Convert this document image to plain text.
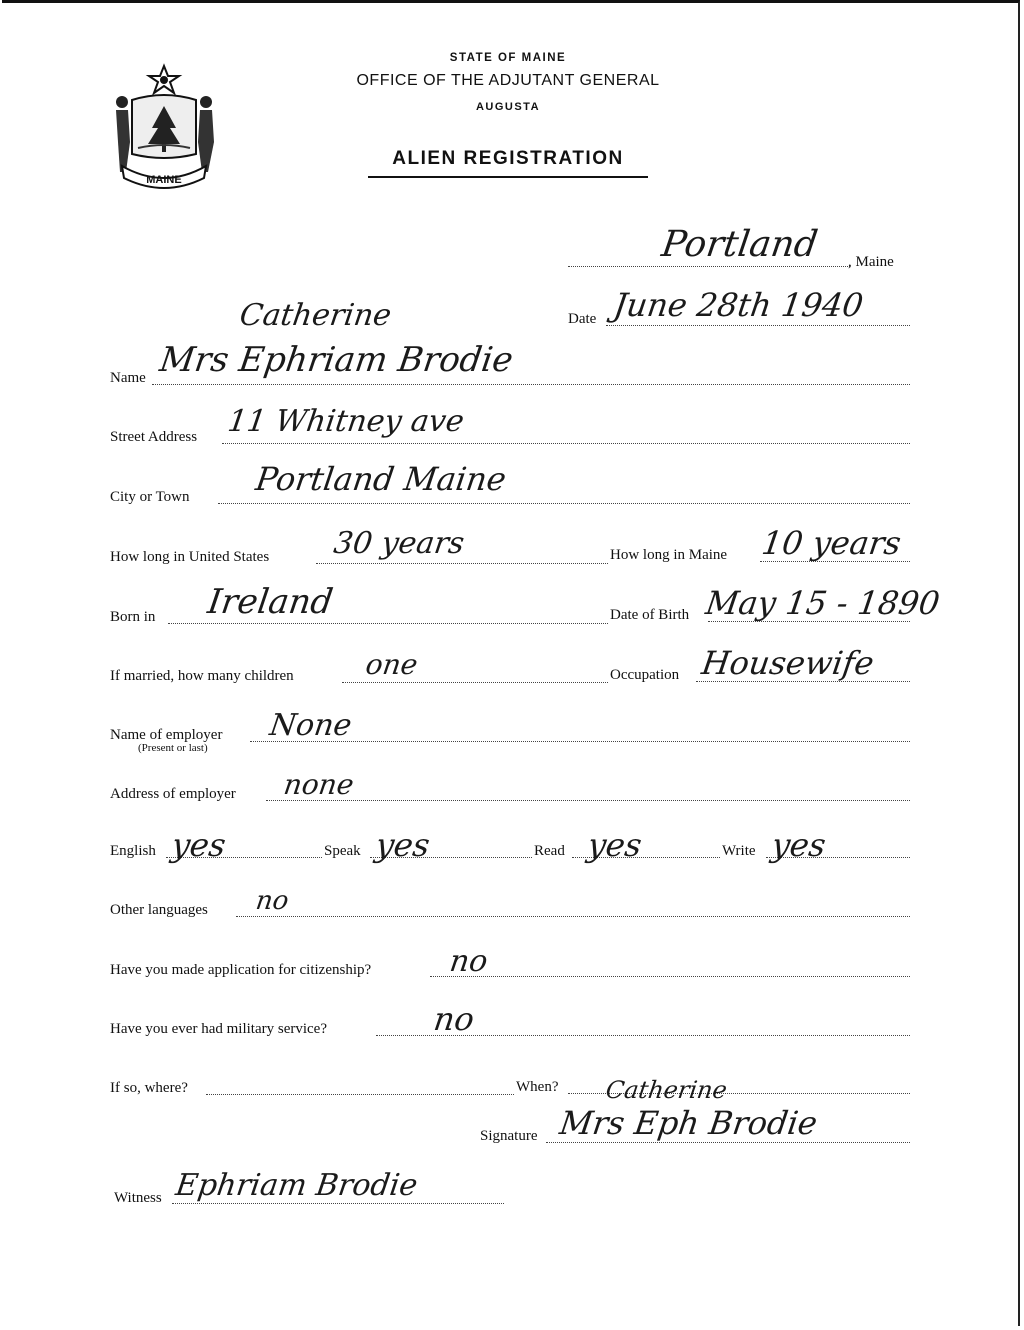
MAINE
STATE OF MAINE
OFFICE OF THE ADJUTANT GENERAL
AUGUSTA
ALIEN REGISTRATION
Portland , Maine
Date June 28th 1940
Catherine
Name Mrs Ephriam Brodie
Street Address 11 Whitney ave
City or Town Portland Maine
How long in United States 30 years	How long in Maine 10 years
Born in Ireland	Date of Birth May 15 - 1890
If married, how many children one	Occupation Housewife
Name of employer
(Present or last)
None
Address of employer none
English yes	Speak yes	Read yes	Write yes
Other languages no
Have you made application for citizenship?	no
Have you ever had military service?	no
If so, where?	When? Catherine
Signature Mrs Eph Brodie
Witness Ephriam Brodie
